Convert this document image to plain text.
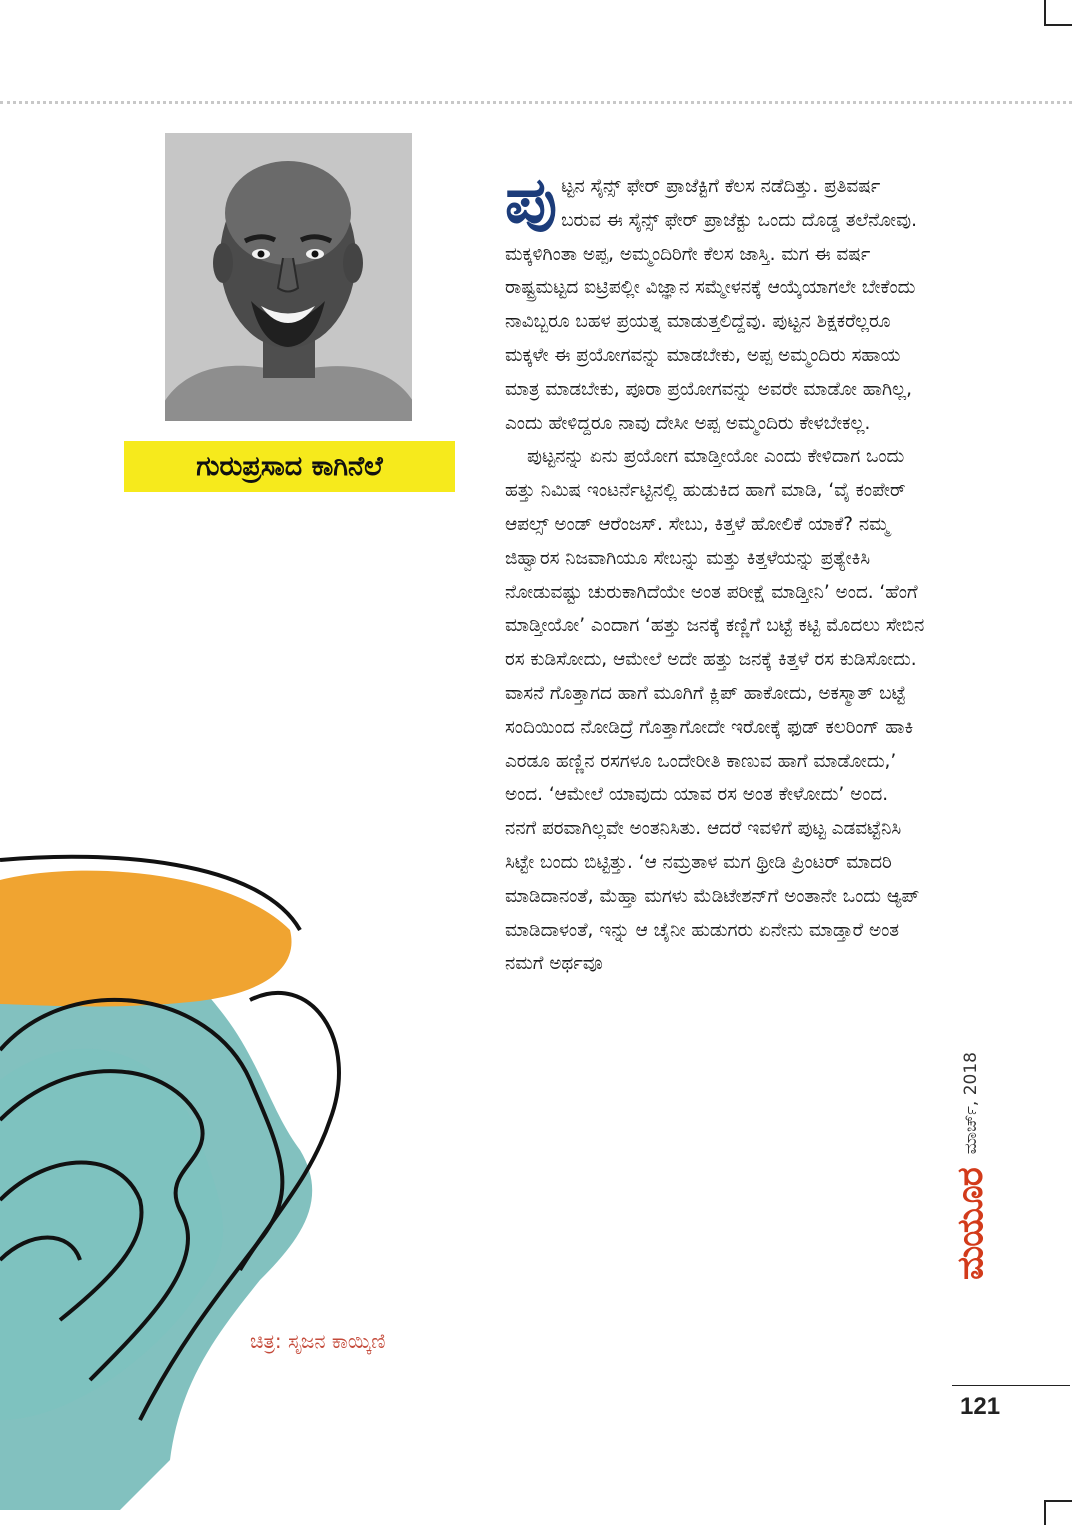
ಗುರುಪ್ರಸಾದ ಕಾಗಿನೆಲೆ
ಚಿತ್ರ: ಸೃಜನ ಕಾಯ್ಕಿಣಿ

ಪುಟ್ಟನ ಸೈನ್ಸ್ ಫೇರ್ ಪ್ರಾಜೆಕ್ಟಿಗೆ ಕೆಲಸ ನಡೆದಿತ್ತು. ಪ್ರತಿವರ್ಷ ಬರುವ ಈ ಸೈನ್ಸ್ ಫೇರ್ ಪ್ರಾಜೆಕ್ಟು ಒಂದು ದೊಡ್ಡ ತಲೆನೋವು. ಮಕ್ಕಳಿಗಿಂತಾ ಅಪ್ಪ, ಅಮ್ಮಂದಿರಿಗೇ ಕೆಲಸ ಜಾಸ್ತಿ. ಮಗ ಈ ವರ್ಷ ರಾಷ್ಟ್ರಮಟ್ಟದ ಐಟ್ರಿಪಲ್ಲೀ ವಿಜ್ಞಾನ ಸಮ್ಮೇಳನಕ್ಕೆ ಆಯ್ಕೆಯಾಗಲೇ ಬೇಕೆಂದು ನಾವಿಬ್ಬರೂ ಬಹಳ ಪ್ರಯತ್ನ ಮಾಡುತ್ತಲಿದ್ದೆವು. ಪುಟ್ಟನ ಶಿಕ್ಷಕರೆಲ್ಲರೂ ಮಕ್ಕಳೇ ಈ ಪ್ರಯೋಗವನ್ನು ಮಾಡಬೇಕು, ಅಪ್ಪ ಅಮ್ಮಂದಿರು ಸಹಾಯ ಮಾತ್ರ ಮಾಡಬೇಕು, ಪೂರಾ ಪ್ರಯೋಗವನ್ನು ಅವರೇ ಮಾಡೋ ಹಾಗಿಲ್ಲ, ಎಂದು ಹೇಳಿದ್ದರೂ ನಾವು ದೇಸೀ ಅಪ್ಪ ಅಮ್ಮಂದಿರು ಕೇಳಬೇಕಲ್ಲ.

ಪುಟ್ಟನನ್ನು ಏನು ಪ್ರಯೋಗ ಮಾಡ್ತೀಯೋ ಎಂದು ಕೇಳಿದಾಗ ಒಂದು ಹತ್ತು ನಿಮಿಷ ಇಂಟರ್ನೆಟ್ಟಿನಲ್ಲಿ ಹುಡುಕಿದ ಹಾಗೆ ಮಾಡಿ, ‘ವೈ ಕಂಪೇರ್ ಆಪಲ್ಸ್ ಅಂಡ್ ಆರೆಂಜಸ್. ಸೇಬು, ಕಿತ್ತಳೆ ಹೋಲಿಕೆ ಯಾಕೆ? ನಮ್ಮ ಜಿಹ್ವಾರಸ ನಿಜವಾಗಿಯೂ ಸೇಬನ್ನು ಮತ್ತು ಕಿತ್ತಳೆಯನ್ನು ಪ್ರತ್ಯೇಕಿಸಿ ನೋಡುವಷ್ಟು ಚುರುಕಾಗಿದೆಯೇ ಅಂತ ಪರೀಕ್ಷೆ ಮಾಡ್ತೀನಿ’ ಅಂದ. ‘ಹೆಂಗೆ ಮಾಡ್ತೀಯೋ’ ಎಂದಾಗ ‘ಹತ್ತು ಜನಕ್ಕೆ ಕಣ್ಣಿಗೆ ಬಟ್ಟೆ ಕಟ್ಟಿ ಮೊದಲು ಸೇಬಿನ ರಸ ಕುಡಿಸೋದು, ಆಮೇಲೆ ಅದೇ ಹತ್ತು ಜನಕ್ಕೆ ಕಿತ್ತಳೆ ರಸ ಕುಡಿಸೋದು. ವಾಸನೆ ಗೊತ್ತಾಗದ ಹಾಗೆ ಮೂಗಿಗೆ ಕ್ಲಿಪ್ ಹಾಕೋದು, ಅಕಸ್ಮಾತ್ ಬಟ್ಟೆ ಸಂದಿಯಿಂದ ನೋಡಿದ್ರೆ ಗೊತ್ತಾಗೋದೇ ಇರೋಕ್ಕೆ ಫುಡ್ ಕಲರಿಂಗ್ ಹಾಕಿ ಎರಡೂ ಹಣ್ಣಿನ ರಸಗಳೂ ಒಂದೇರೀತಿ ಕಾಣುವ ಹಾಗೆ ಮಾಡೋದು,’ ಅಂದ. ‘ಆಮೇಲೆ ಯಾವುದು ಯಾವ ರಸ ಅಂತ ಕೇಳೋದು’ ಅಂದ. ನನಗೆ ಪರವಾಗಿಲ್ಲವೇ ಅಂತನಿಸಿತು. ಆದರೆ ಇವಳಿಗೆ ಪುಟ್ಟ ಎಡವಟ್ಟೆನಿಸಿ ಸಿಟ್ಟೇ ಬಂದು ಬಿಟ್ಟಿತ್ತು. ‘ಆ ನಮ್ರತಾಳ ಮಗ ಥ್ರೀಡಿ ಪ್ರಿಂಟರ್ ಮಾದರಿ ಮಾಡಿದಾನಂತೆ, ಮೆಹ್ತಾ ಮಗಳು ಮೆಡಿಟೇಶನ್‌ಗೆ ಅಂತಾನೇ ಒಂದು ಆ್ಯಪ್ ಮಾಡಿದಾಳಂತೆ, ಇನ್ನು ಆ ಚೈನೀ ಹುಡುಗರು ಏನೇನು ಮಾಡ್ತಾರೆ ಅಂತ ನಮಗೆ ಅರ್ಥವೂ

ಮಯೂರ
ಮಾರ್ಚ್, 2018
121
